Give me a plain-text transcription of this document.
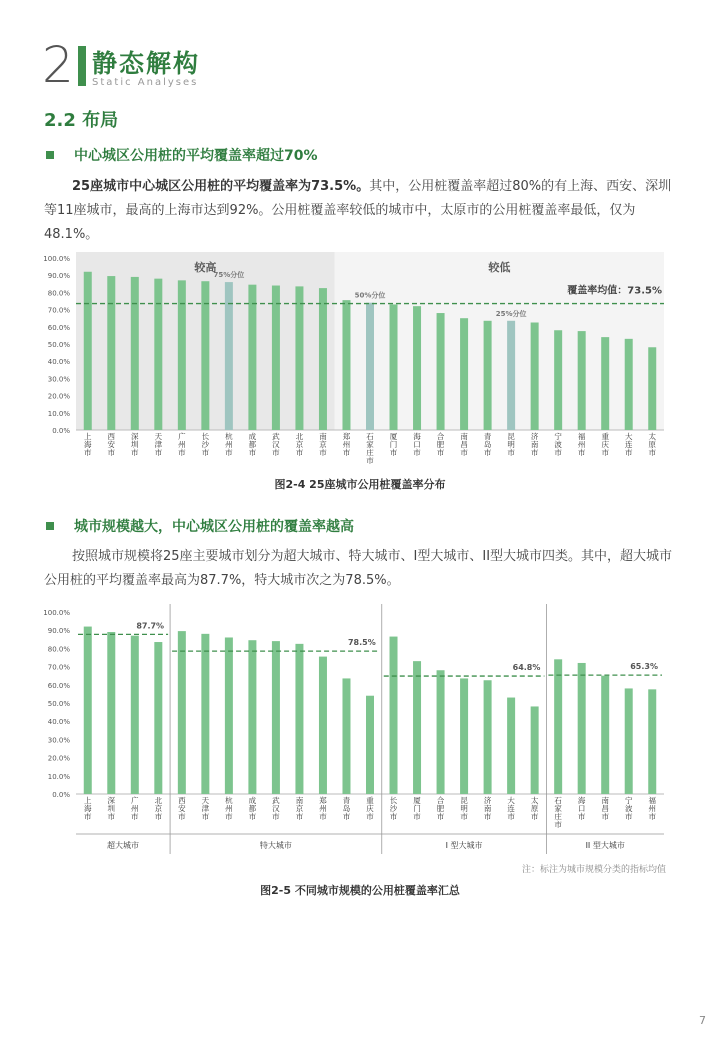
2 静态解构
Static Analyses
2.2 布局
中心城区公用桩的平均覆盖率超过70%
25座城市中心城区公用桩的平均覆盖率为73.5%。其中，公用桩覆盖率超过80%的有上海、西安、深圳等11座城市，最高的上海市达到92%。公用桩覆盖率较低的城市中，太原市的公用桩覆盖率最低，仅为48.1%。
较高	较低
0.0%
10.0%
20.0%
30.0%
40.0%
50.0%
60.0%
70.0%
80.0%
90.0%
100.0%
上海市
西安市
深圳市
天津市
广州市
长沙市
杭州市
成都市
武汉市
北京市
南京市
郑州市
石家庄市
厦门市
海口市
合肥市
南昌市
青岛市
昆明市
济南市
宁波市
福州市
重庆市
大连市
太原市
75%分位
50%分位
25%分位
覆盖率均值：73.5%
图2-4 25座城市公用桩覆盖率分布
城市规模越大，中心城区公用桩的覆盖率越高
按照城市规模将25座主要城市划分为超大城市、特大城市、I型大城市、II型大城市四类。其中，超大城市公用桩的平均覆盖率最高为87.7%，特大城市次之为78.5%。
0.0%
10.0%
20.0%
30.0%
40.0%
50.0%
60.0%
70.0%
80.0%
90.0%
100.0%
上海市
深圳市
广州市
北京市
87.7%
超大城市
西安市
天津市
杭州市
成都市
武汉市
南京市
郑州市
青岛市
重庆市
78.5%
特大城市
长沙市
厦门市
合肥市
昆明市
济南市
大连市
太原市
64.8%
I 型大城市
石家庄市
海口市
南昌市
宁波市
福州市
65.3%
II 型大城市
注：标注为城市规模分类的指标均值
图2-5 不同城市规模的公用桩覆盖率汇总
7
